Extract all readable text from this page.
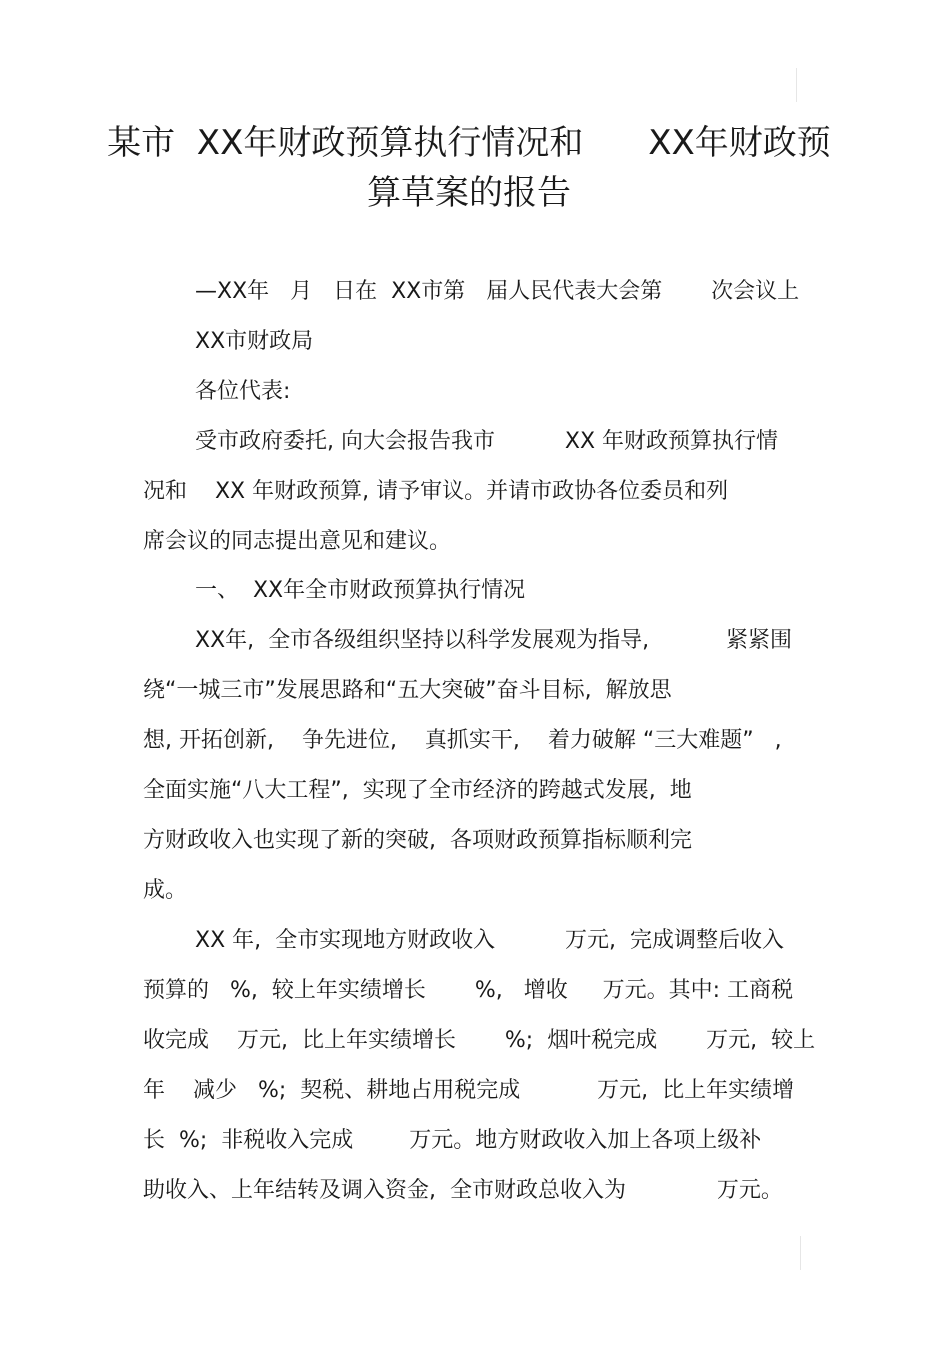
某市  XX年财政预算执行情况和      XX年财政预
算草案的报告
—XX年   月   日在  XX市第   届人民代表大会第       次会议上
XX市财政局
各位代表:
受市政府委托, 向大会报告我市          XX 年财政预算执行情
况和    XX 年财政预算, 请予审议。并请市政协各位委员和列
席会议的同志提出意见和建议。
一、  XX年全市财政预算执行情况
XX年,  全市各级组织坚持以科学发展观为指导,           紧紧围
绕“一城三市”发展思路和“五大突破”奋斗目标,  解放思
想, 开拓创新,    争先进位,    真抓实干,    着力破解 “三大难题”   ,
全面实施“八大工程”,  实现了全市经济的跨越式发展,  地
方财政收入也实现了新的突破,  各项财政预算指标顺利完
成。
XX 年,  全市实现地方财政收入          万元,  完成调整后收入
预算的   %,  较上年实绩增长       %,   增收     万元。其中: 工商税
收完成    万元,  比上年实绩增长       %;  烟叶税完成       万元,  较上
年    减少   %;  契税、耕地占用税完成           万元,  比上年实绩增
长  %;  非税收入完成        万元。地方财政收入加上各项上级补
助收入、上年结转及调入资金,  全市财政总收入为             万元。
